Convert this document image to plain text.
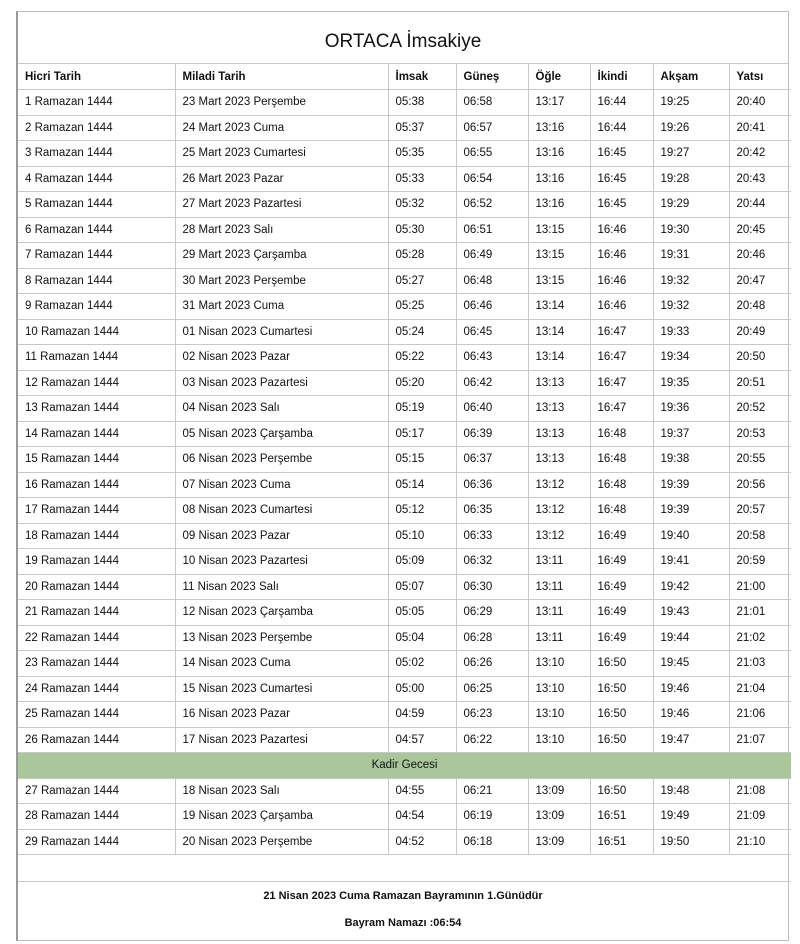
ORTACA İmsakiye
Hicri Tarih	Miladi Tarih	İmsak	Güneş	Öğle	İkindi	Akşam	Yatsı
1 Ramazan 1444	23 Mart 2023 Perşembe	05:38	06:58	13:17	16:44	19:25	20:40
2 Ramazan 1444	24 Mart 2023 Cuma	05:37	06:57	13:16	16:44	19:26	20:41
3 Ramazan 1444	25 Mart 2023 Cumartesi	05:35	06:55	13:16	16:45	19:27	20:42
4 Ramazan 1444	26 Mart 2023 Pazar	05:33	06:54	13:16	16:45	19:28	20:43
5 Ramazan 1444	27 Mart 2023 Pazartesi	05:32	06:52	13:16	16:45	19:29	20:44
6 Ramazan 1444	28 Mart 2023 Salı	05:30	06:51	13:15	16:46	19:30	20:45
7 Ramazan 1444	29 Mart 2023 Çarşamba	05:28	06:49	13:15	16:46	19:31	20:46
8 Ramazan 1444	30 Mart 2023 Perşembe	05:27	06:48	13:15	16:46	19:32	20:47
9 Ramazan 1444	31 Mart 2023 Cuma	05:25	06:46	13:14	16:46	19:32	20:48
10 Ramazan 1444	01 Nisan 2023 Cumartesi	05:24	06:45	13:14	16:47	19:33	20:49
11 Ramazan 1444	02 Nisan 2023 Pazar	05:22	06:43	13:14	16:47	19:34	20:50
12 Ramazan 1444	03 Nisan 2023 Pazartesi	05:20	06:42	13:13	16:47	19:35	20:51
13 Ramazan 1444	04 Nisan 2023 Salı	05:19	06:40	13:13	16:47	19:36	20:52
14 Ramazan 1444	05 Nisan 2023 Çarşamba	05:17	06:39	13:13	16:48	19:37	20:53
15 Ramazan 1444	06 Nisan 2023 Perşembe	05:15	06:37	13:13	16:48	19:38	20:55
16 Ramazan 1444	07 Nisan 2023 Cuma	05:14	06:36	13:12	16:48	19:39	20:56
17 Ramazan 1444	08 Nisan 2023 Cumartesi	05:12	06:35	13:12	16:48	19:39	20:57
18 Ramazan 1444	09 Nisan 2023 Pazar	05:10	06:33	13:12	16:49	19:40	20:58
19 Ramazan 1444	10 Nisan 2023 Pazartesi	05:09	06:32	13:11	16:49	19:41	20:59
20 Ramazan 1444	11 Nisan 2023 Salı	05:07	06:30	13:11	16:49	19:42	21:00
21 Ramazan 1444	12 Nisan 2023 Çarşamba	05:05	06:29	13:11	16:49	19:43	21:01
22 Ramazan 1444	13 Nisan 2023 Perşembe	05:04	06:28	13:11	16:49	19:44	21:02
23 Ramazan 1444	14 Nisan 2023 Cuma	05:02	06:26	13:10	16:50	19:45	21:03
24 Ramazan 1444	15 Nisan 2023 Cumartesi	05:00	06:25	13:10	16:50	19:46	21:04
25 Ramazan 1444	16 Nisan 2023 Pazar	04:59	06:23	13:10	16:50	19:46	21:06
26 Ramazan 1444	17 Nisan 2023 Pazartesi	04:57	06:22	13:10	16:50	19:47	21:07
Kadir Gecesi							
27 Ramazan 1444	18 Nisan 2023 Salı	04:55	06:21	13:09	16:50	19:48	21:08
28 Ramazan 1444	19 Nisan 2023 Çarşamba	04:54	06:19	13:09	16:51	19:49	21:09
29 Ramazan 1444	20 Nisan 2023 Perşembe	04:52	06:18	13:09	16:51	19:50	21:10

21 Nisan 2023 Cuma Ramazan Bayramının 1.Günüdür
Bayram Namazı :06:54
